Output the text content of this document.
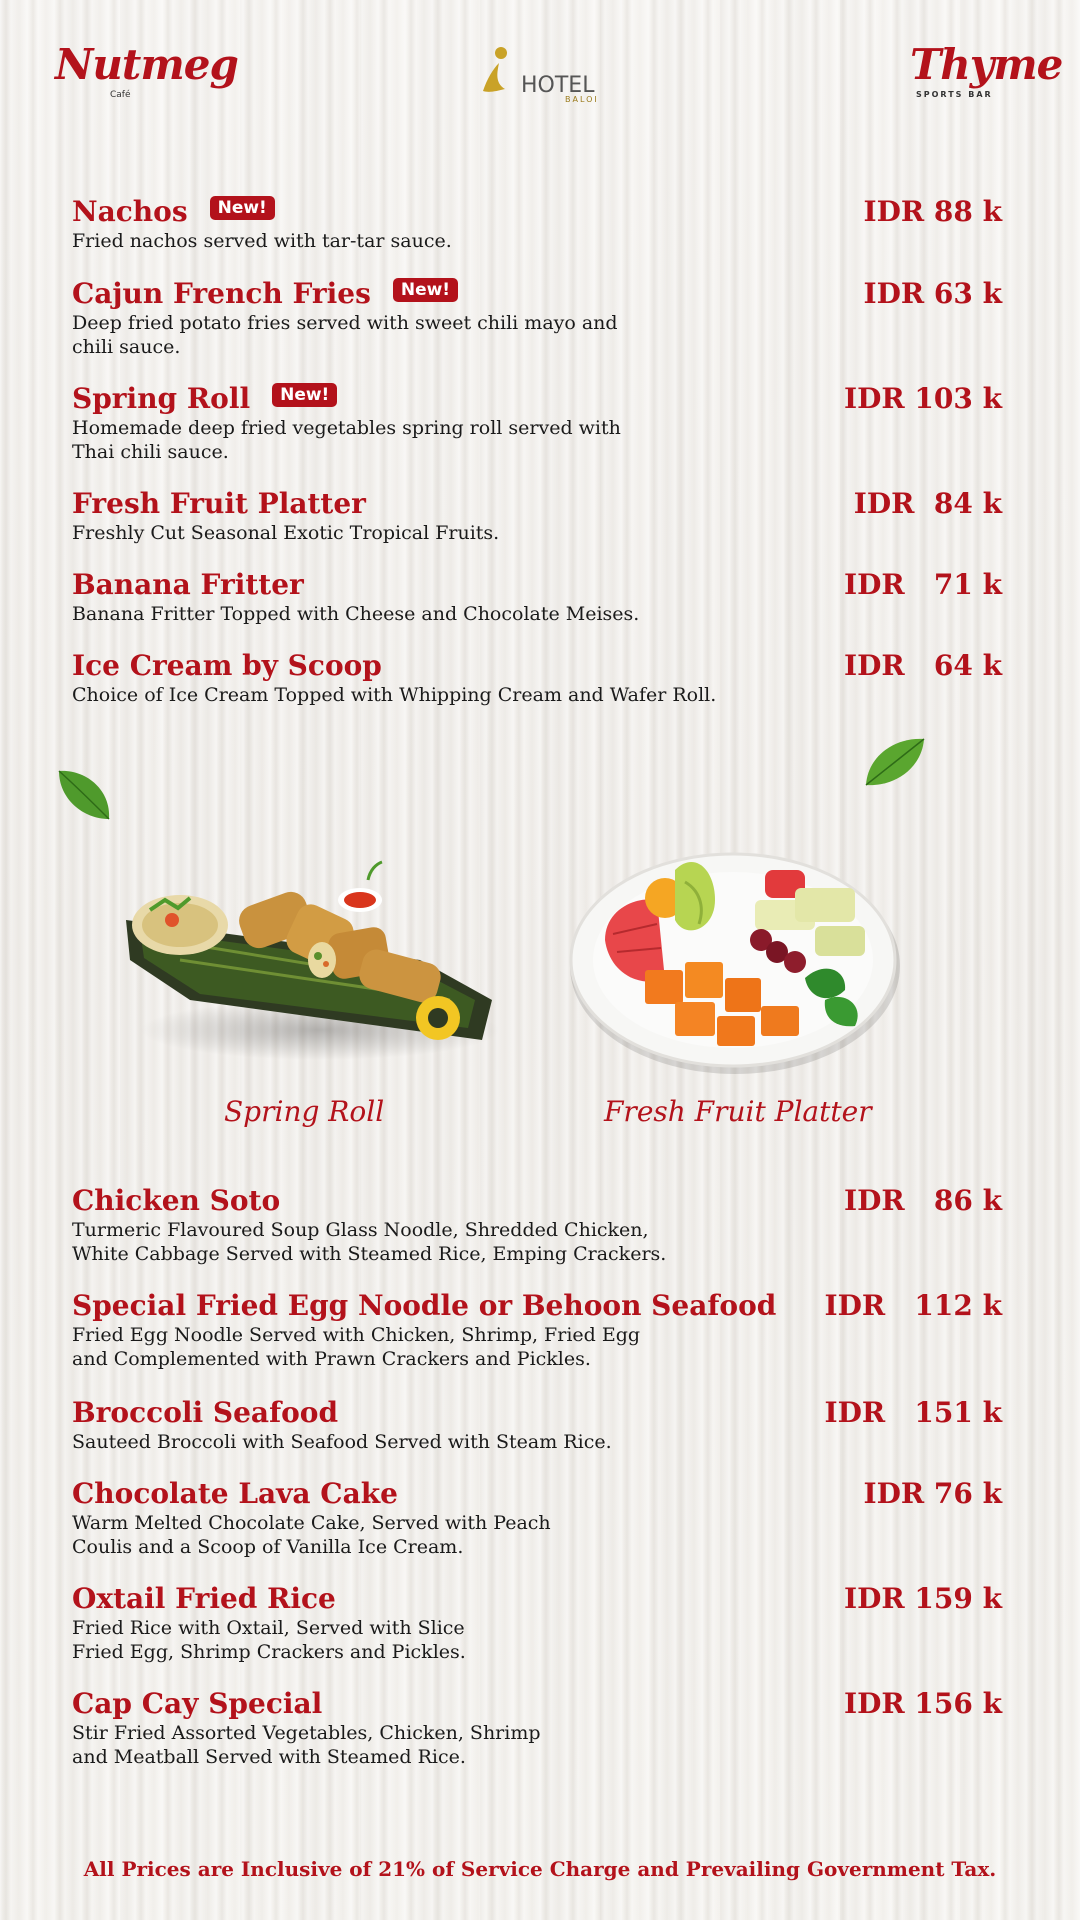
Nutmeg
Café	HOTEL
BALOI
Thyme
SPORTS BAR
Nachos New!
Fried nachos served with tar-tar sauce.
IDR 88 k
Cajun French Fries New!
Deep fried potato fries served with sweet chili mayo and chili sauce.
IDR 63 k
Spring Roll New!
Homemade deep fried vegetables spring roll served with Thai chili sauce.
IDR 103 k
Fresh Fruit Platter
Freshly Cut Seasonal Exotic Tropical Fruits.
IDR  84 k
Banana Fritter
Banana Fritter Topped with Cheese and Chocolate Meises.
IDR   71 k
Ice Cream by Scoop
Choice of Ice Cream Topped with Whipping Cream and Wafer Roll.
IDR   64 k
Spring Roll	Fresh Fruit Platter
Chicken Soto
Turmeric Flavoured Soup Glass Noodle, Shredded Chicken, White Cabbage Served with Steamed Rice, Emping Crackers.
IDR   86 k
Special Fried Egg Noodle or Behoon Seafood
Fried Egg Noodle Served with Chicken, Shrimp, Fried Egg and Complemented with Prawn Crackers and Pickles.
IDR   112 k
Broccoli Seafood
Sauteed Broccoli with Seafood Served with Steam Rice.
IDR   151 k
Chocolate Lava Cake
Warm Melted Chocolate Cake, Served with Peach Coulis and a Scoop of Vanilla Ice Cream.
IDR 76 k
Oxtail Fried Rice
Fried Rice with Oxtail, Served with Slice Fried Egg, Shrimp Crackers and Pickles.
IDR 159 k
Cap Cay Special
Stir Fried Assorted Vegetables, Chicken, Shrimp and Meatball Served with Steamed Rice.
IDR 156 k
All Prices are Inclusive of 21% of Service Charge and Prevailing Government Tax.
